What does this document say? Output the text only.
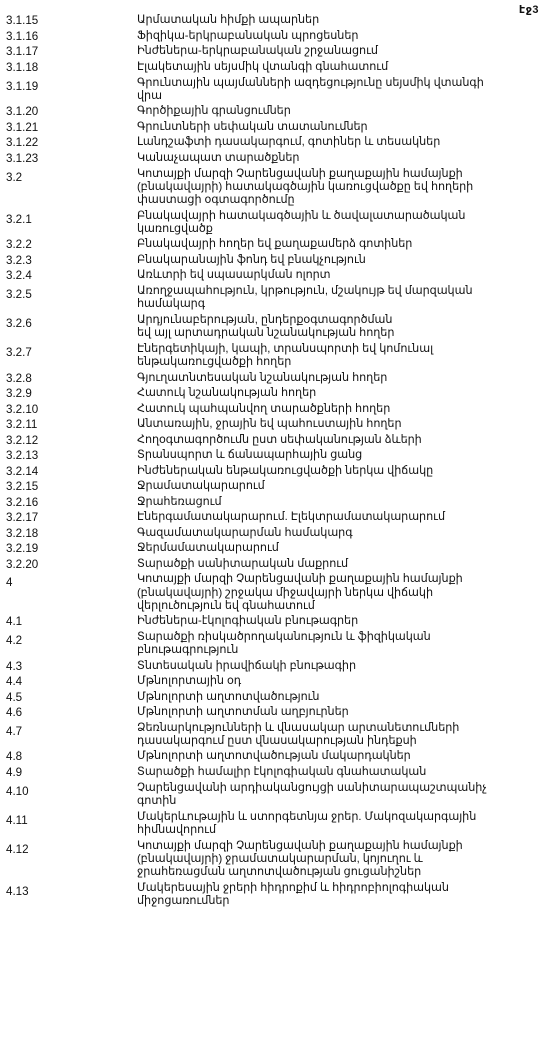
էջ3
3.1.15	Արմատական հիմքի ապարներ
3.1.16	Ֆիզիկա-երկրաբանական պրոցեսներ
3.1.17	Ինժեներա-երկրաբանական շրջանացում
3.1.18	Էլակետային սեյսմիկ վտանգի գնահատում
3.1.19	Գրունտային պայմանների ազդեցությունը սեյսմիկ վտանգի
վրա
3.1.20	Գործիքային գրանցումներ
3.1.21	Գրունտների սեփական տատանումներ
3.1.22	Լանդշաֆտի դասակարգում, գոտիներ և տեսակներ
3.1.23	Կանաչապատ տարածքներ
3.2	Կոտայքի մարզի Չարենցավանի քաղաքային համայնքի
(բնակավայրի) հատակագծային կառուցվածքը եվ հողերի
փաստացի օգտագործումը
3.2.1	Բնակավայրի հատակագծային և ծավալատարածական
կառուցվածք
3.2.2	Բնակավայրի հողեր եվ քաղաքամերձ գոտիներ
3.2.3	Բնակարանային ֆոնդ եվ բնակչություն
3.2.4	Առևտրի եվ սպասարկման ոլորտ
3.2.5	Առողջապահություն, կրթություն, մշակույթ եվ մարզական
համակարգ
3.2.6	Արդյունաբերության, ընդերքօգտագործման
եվ այլ արտադրական նշանակության հողեր
3.2.7	Էներգետիկայի, կապի, տրանսպորտի եվ կոմունալ
ենթակառուցվածքի հողեր
3.2.8	Գյուղատնտեսական նշանակության հողեր
3.2.9	Հատուկ նշանակության հողեր
3.2.10	Հատուկ պահպանվող տարածքների հողեր
3.2.11	Անտառային, ջրային եվ պահուստային հողեր
3.2.12	Հողօգտագործումն ըստ սեփականության ձևերի
3.2.13	Տրանսպորտ և ճանապարհային ցանց
3.2.14	Ինժեներական ենթակառուցվածքի ներկա վիճակը
3.2.15	Ջրամատակարարում
3.2.16	Ջրահեռացում
3.2.17	Էներգամատակարարում. Էլեկտրամատակարարում
3.2.18	Գազամատակարարման համակարգ
3.2.19	Ջերմամատակարարում
3.2.20	Տարածքի սանիտարական մաքրում
4	Կոտայքի մարզի Չարենցավանի քաղաքային համայնքի
(բնակավայրի) շրջակա միջավայրի ներկա վիճակի
վերլուծություն եվ գնահատում
4.1	Ինժեներա-էկոլոգիական բնութագրեր
4.2	Տարածքի ռիսկածրողականություն և ֆիզիկական
բնութագրություն
4.3	Տնտեսական իրավիճակի բնութագիր
4.4	Մթնոլորտային օդ
4.5	Մթնոլորտի աղտոտվածություն
4.6	Մթնոլորտի աղտոտման աղբյուրներ
4.7	Ձեռնարկությունների և վնասակար արտանետումների
դասակարգում ըստ վնասակարության ինդեքսի
4.8	Մթնոլորտի աղտոտվածության մակարդակներ
4.9	Տարածքի համալիր էկոլոգիական գնահատական
4.10	Չարենցավանի արդիականցույցի սանիտարապաշտպանիչ
գոտին
4.11	Մակերևութային և ստորգետնյա ջրեր. Մակոզակարգային
հիմնավորում
4.12	Կոտայքի մարզի Չարենցավանի քաղաքային համայնքի
(բնակավայրի) ջրամատակարարման, կոյուղու և
ջրահեռացման աղտոտվածության ցուցանիշներ
4.13	Մակերեսային ջրերի հիդրոքիմ և հիդրոբիոլոգիական
միջոցառումներ
